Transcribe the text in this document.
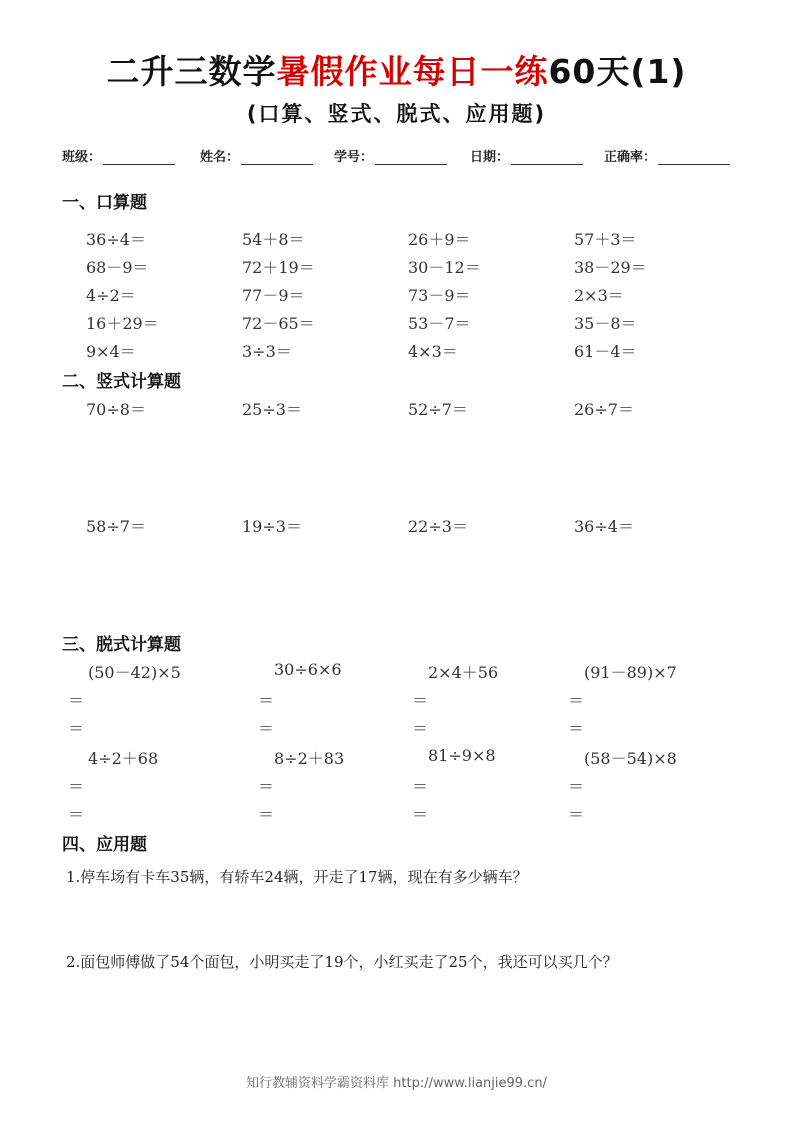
二升三数学暑假作业每日一练60天(1)
(口算、竖式、脱式、应用题)
班级：	姓名：	学号：	日期：	正确率：
一、口算题
36÷4＝	54＋8＝	26＋9＝	57＋3＝
68－9＝	72＋19＝	30－12＝	38－29＝
4÷2＝	77－9＝	73－9＝	2×3＝
16＋29＝	72－65＝	53－7＝	35－8＝
9×4＝	3÷3＝	4×3＝	61－4＝
二、竖式计算题
70÷8＝	25÷3＝	52÷7＝	26÷7＝
58÷7＝	19÷3＝	22÷3＝	36÷4＝
三、脱式计算题
(50－42)×5	30÷6×6	2×4＋56	(91－89)×7
＝	＝	＝	＝
＝	＝	＝	＝
4÷2＋68	8÷2＋83	81÷9×8	(58－54)×8
＝	＝	＝	＝
＝	＝	＝	＝
四、应用题
1.停车场有卡车35辆，有轿车24辆，开走了17辆，现在有多少辆车？
2.面包师傅做了54个面包，小明买走了19个，小红买走了25个，我还可以买几个？
知行教辅资料学霸资料库 http://www.lianjie99.cn/
